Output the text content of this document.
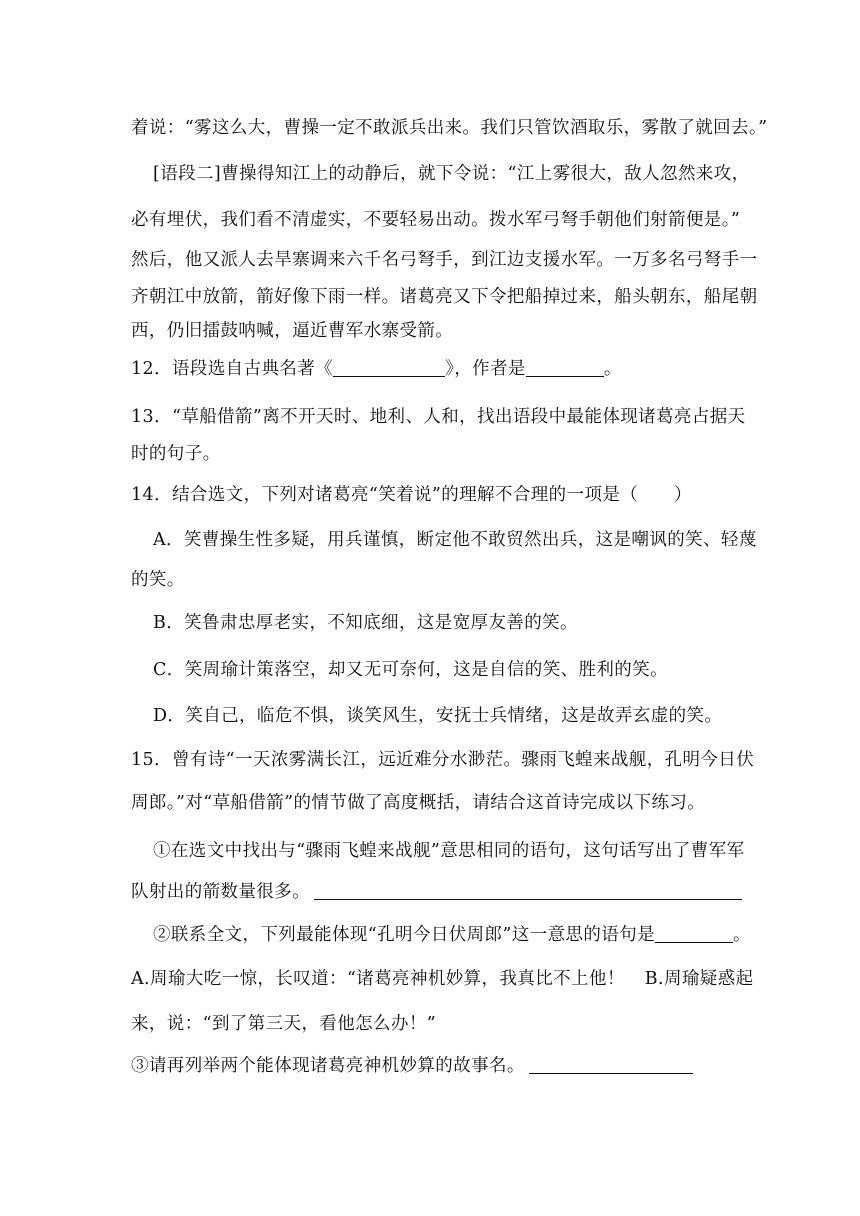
着说：“雾这么大，曹操一定不敢派兵出来。我们只管饮酒取乐，雾散了就回去。”
[语段二]曹操得知江上的动静后，就下令说：“江上雾很大，敌人忽然来攻，
必有埋伏，我们看不清虚实，不要轻易出动。拨水军弓弩手朝他们射箭便是。”
然后，他又派人去旱寨调来六千名弓弩手，到江边支援水军。一万多名弓弩手一
齐朝江中放箭，箭好像下雨一样。诸葛亮又下令把船掉过来，船头朝东，船尾朝
西，仍旧擂鼓呐喊，逼近曹军水寨受箭。
12．语段选自古典名著《	》，作者是	。
13．“草船借箭”离不开天时、地利、人和，找出语段中最能体现诸葛亮占据天
时的句子。
14．结合选文，下列对诸葛亮“笑着说”的理解不合理的一项是（　　）
A．笑曹操生性多疑，用兵谨慎，断定他不敢贸然出兵，这是嘲讽的笑、轻蔑
的笑。
B．笑鲁肃忠厚老实，不知底细，这是宽厚友善的笑。
C．笑周瑜计策落空，却又无可奈何，这是自信的笑、胜利的笑。
D．笑自己，临危不惧，谈笑风生，安抚士兵情绪，这是故弄玄虚的笑。
15．曾有诗“一天浓雾满长江，远近难分水渺茫。骤雨飞蝗来战舰，孔明今日伏
周郎。”对“草船借箭”的情节做了高度概括，请结合这首诗完成以下练习。
①在选文中找出与“骤雨飞蝗来战舰”意思相同的语句，这句话写出了曹军军
队射出的箭数量很多。
②联系全文，下列最能体现“孔明今日伏周郎”这一意思的语句是	。
A.周瑜大吃一惊，长叹道：“诸葛亮神机妙算，我真比不上他！ B.周瑜疑惑起
来，说：“到了第三天，看他怎么办！”
③请再列举两个能体现诸葛亮神机妙算的故事名。
